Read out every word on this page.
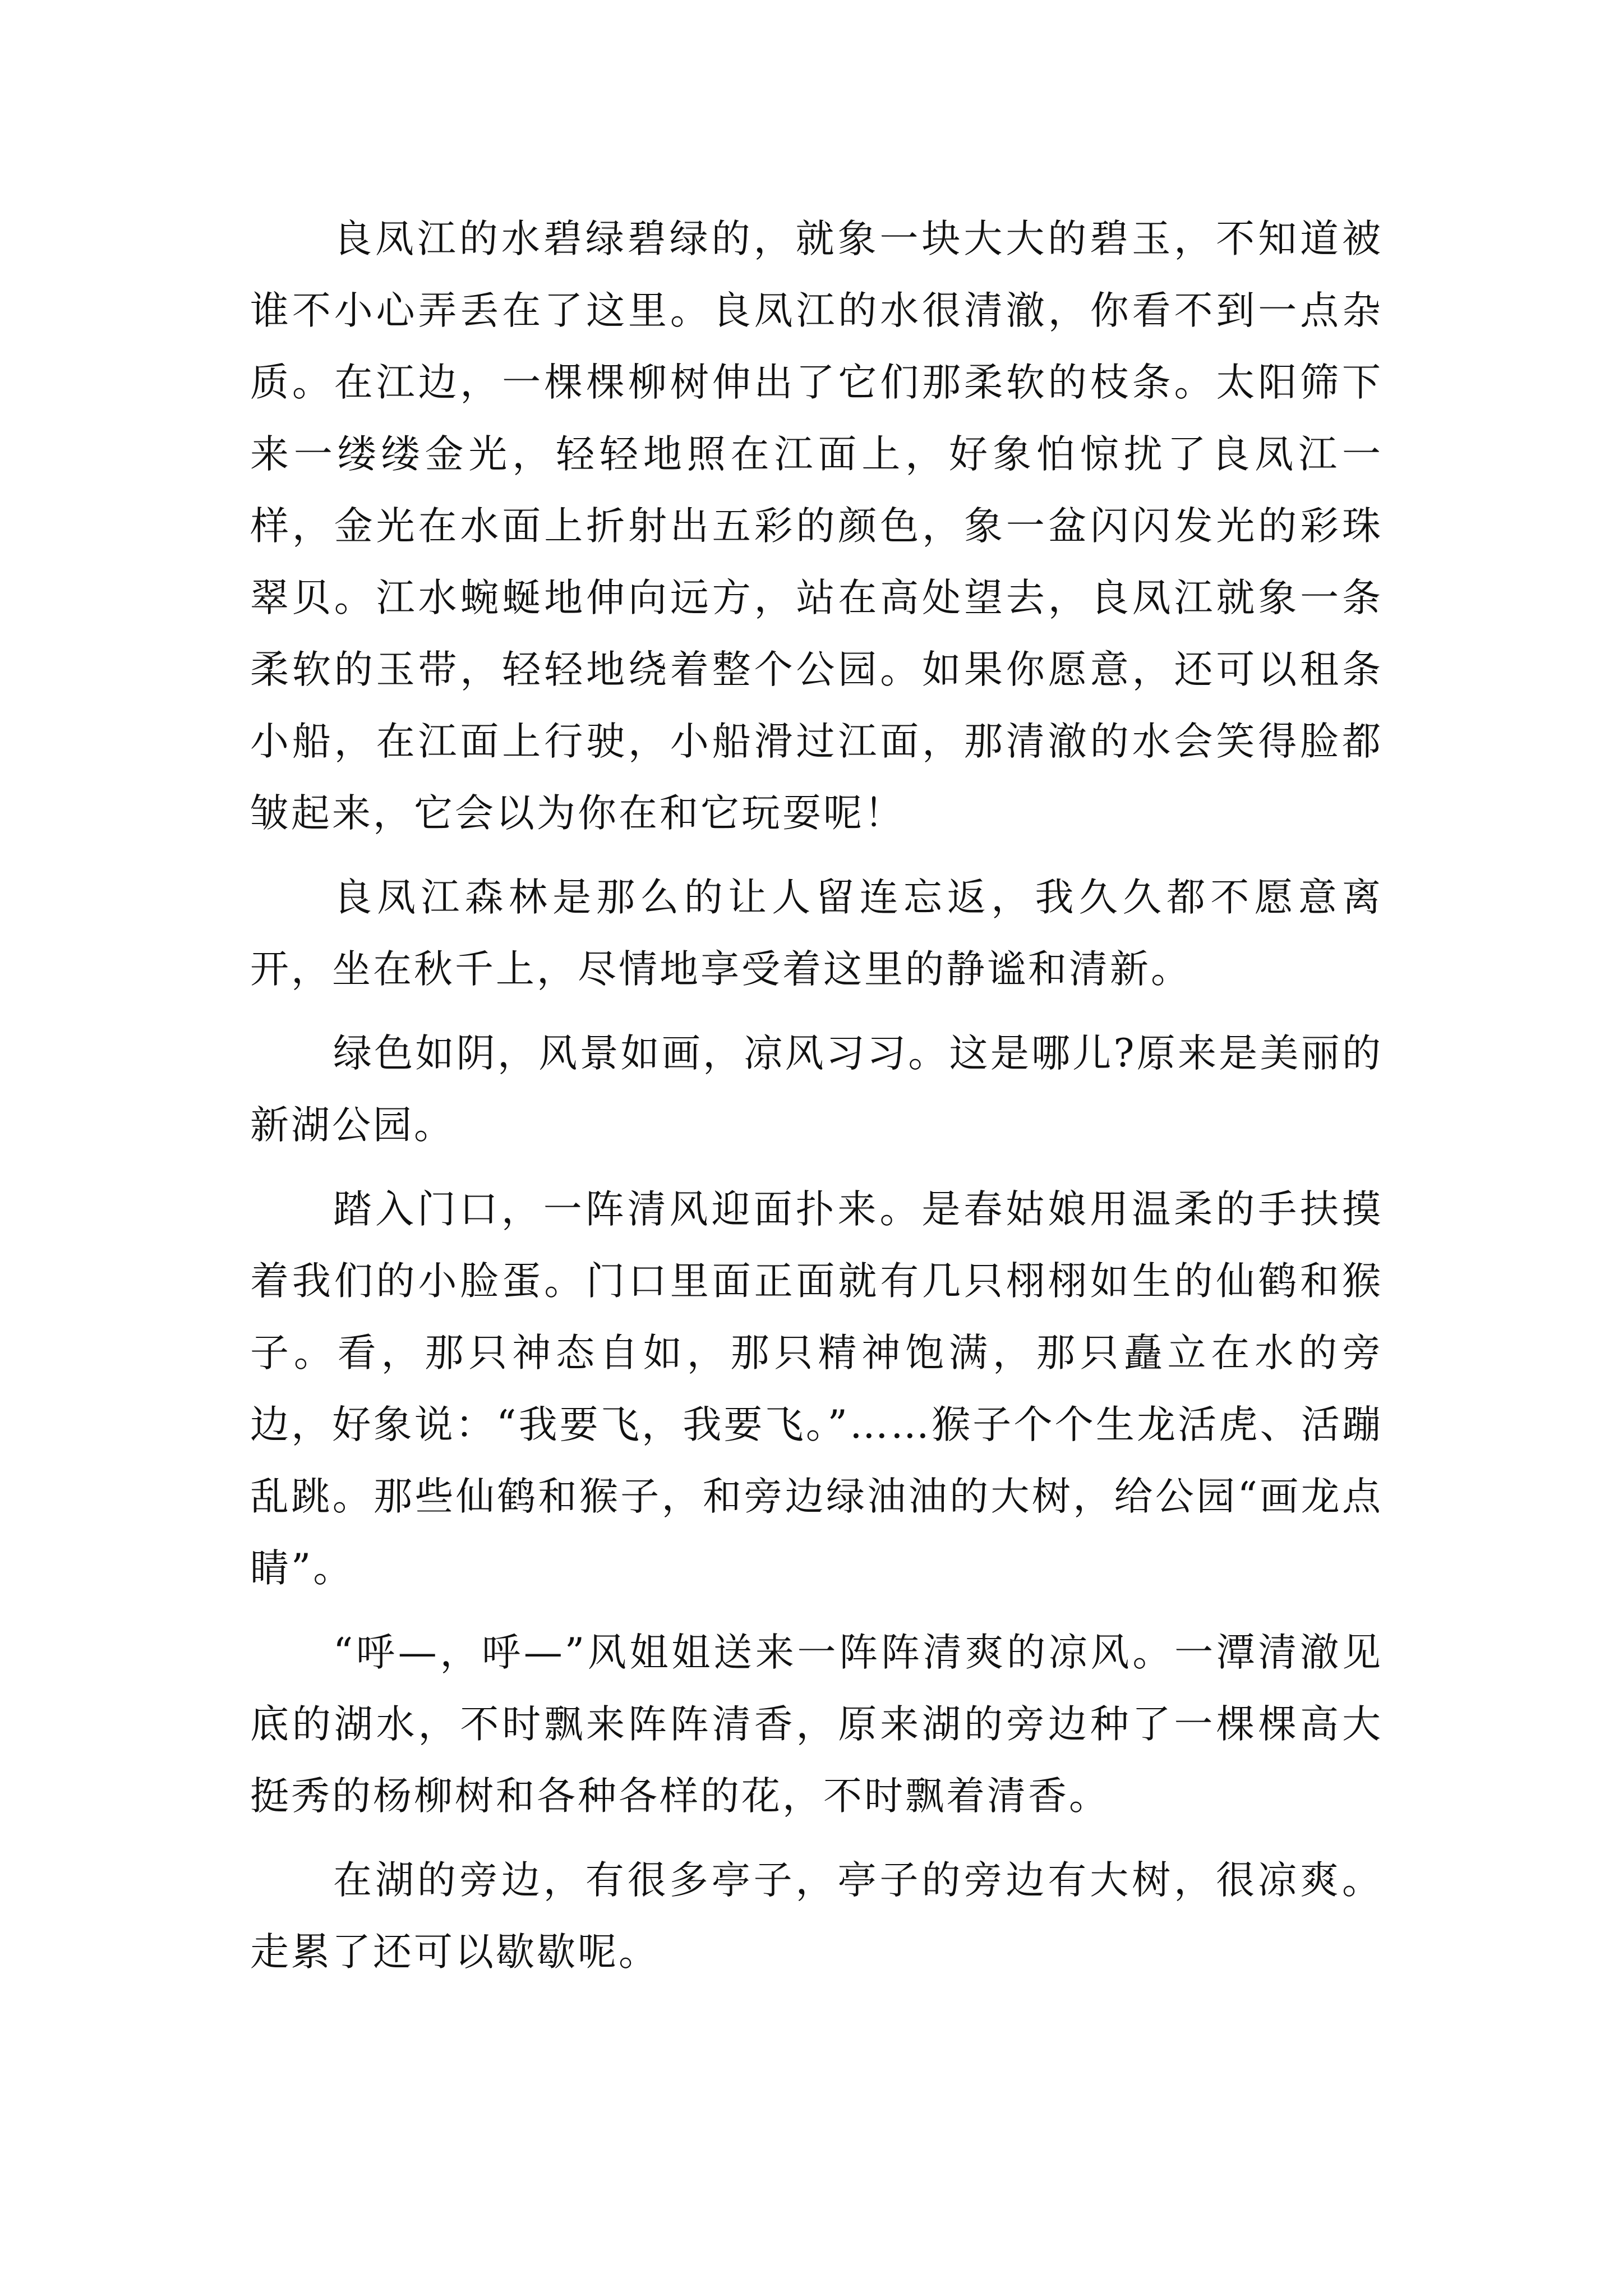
良凤江的水碧绿碧绿的，就象一块大大的碧玉，不知道被谁不小心弄丢在了这里。良凤江的水很清澈，你看不到一点杂质。在江边，一棵棵柳树伸出了它们那柔软的枝条。太阳筛下来一缕缕金光，轻轻地照在江面上，好象怕惊扰了良凤江一样，金光在水面上折射出五彩的颜色，象一盆闪闪发光的彩珠翠贝。江水蜿蜒地伸向远方，站在高处望去，良凤江就象一条柔软的玉带，轻轻地绕着整个公园。如果你愿意，还可以租条小船，在江面上行驶，小船滑过江面，那清澈的水会笑得脸都皱起来，它会以为你在和它玩耍呢！

良凤江森林是那么的让人留连忘返，我久久都不愿意离开，坐在秋千上，尽情地享受着这里的静谧和清新。

绿色如阴，风景如画，凉风习习。这是哪儿?原来是美丽的新湖公园。

踏入门口，一阵清风迎面扑来。是春姑娘用温柔的手扶摸着我们的小脸蛋。门口里面正面就有几只栩栩如生的仙鹤和猴子。看，那只神态自如，那只精神饱满，那只矗立在水的旁边，好象说：“我要飞，我要飞。”……猴子个个生龙活虎、活蹦乱跳。那些仙鹤和猴子，和旁边绿油油的大树，给公园“画龙点睛”。

“呼—，呼—”风姐姐送来一阵阵清爽的凉风。一潭清澈见底的湖水，不时飘来阵阵清香，原来湖的旁边种了一棵棵高大挺秀的杨柳树和各种各样的花，不时飘着清香。

在湖的旁边，有很多亭子，亭子的旁边有大树，很凉爽。走累了还可以歇歇呢。
